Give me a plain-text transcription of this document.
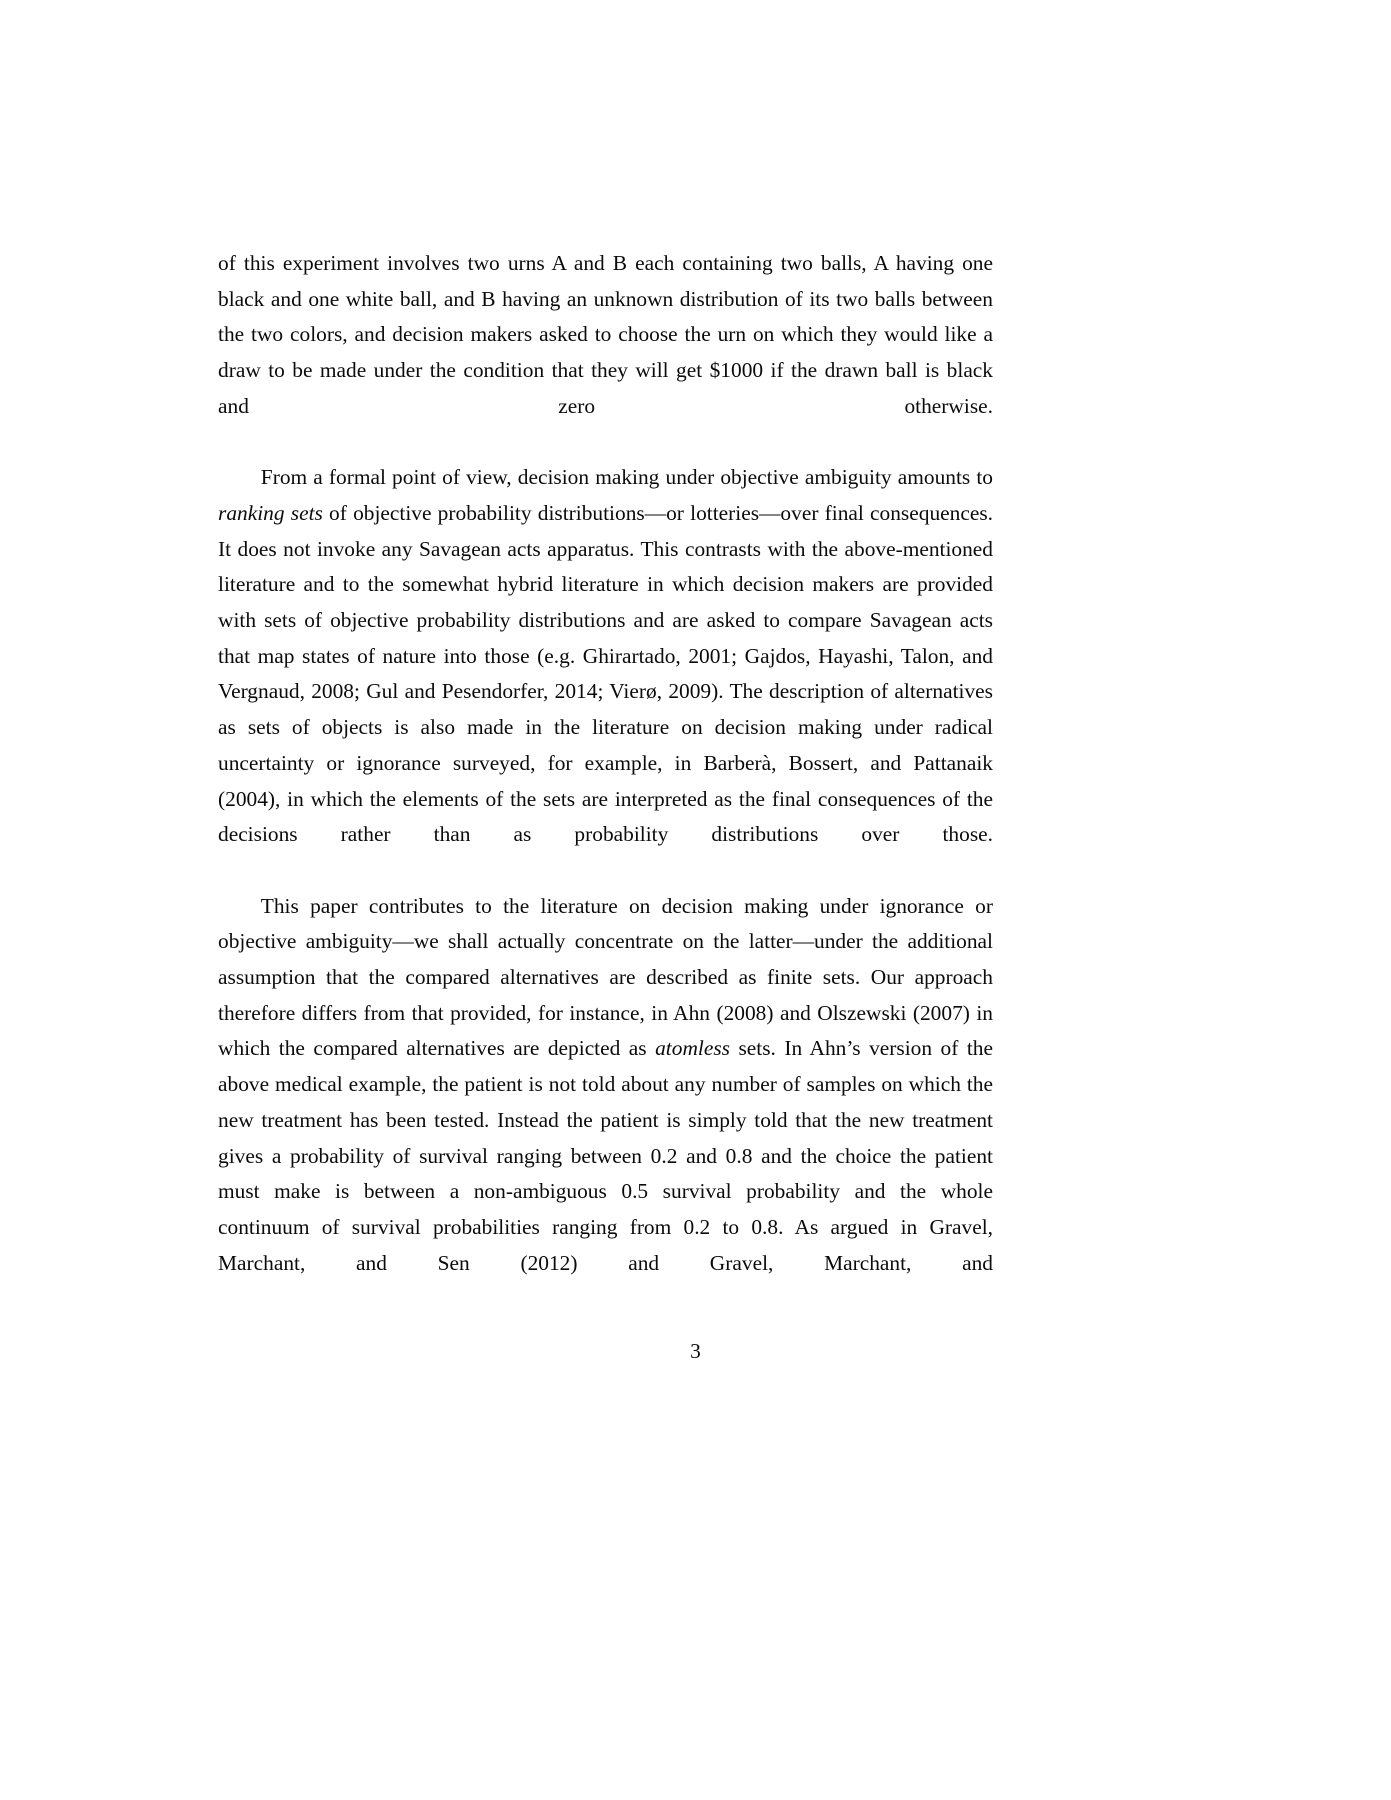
of this experiment involves two urns A and B each containing two balls, A having one black and one white ball, and B having an unknown distribution of its two balls between the two colors, and decision makers asked to choose the urn on which they would like a draw to be made under the condition that they will get $1000 if the drawn ball is black and zero otherwise.

From a formal point of view, decision making under objective ambiguity amounts to ranking sets of objective probability distributions—or lotteries—over final consequences. It does not invoke any Savagean acts apparatus. This contrasts with the above-mentioned literature and to the somewhat hybrid literature in which decision makers are provided with sets of objective probability distributions and are asked to compare Savagean acts that map states of nature into those (e.g. Ghirartado, 2001; Gajdos, Hayashi, Talon, and Vergnaud, 2008; Gul and Pesendorfer, 2014; Vierø, 2009). The description of alternatives as sets of objects is also made in the literature on decision making under radical uncertainty or ignorance surveyed, for example, in Barberà, Bossert, and Pattanaik (2004), in which the elements of the sets are interpreted as the final consequences of the decisions rather than as probability distributions over those.

This paper contributes to the literature on decision making under ignorance or objective ambiguity—we shall actually concentrate on the latter—under the additional assumption that the compared alternatives are described as finite sets. Our approach therefore differs from that provided, for instance, in Ahn (2008) and Olszewski (2007) in which the compared alternatives are depicted as atomless sets. In Ahn’s version of the above medical example, the patient is not told about any number of samples on which the new treatment has been tested. Instead the patient is simply told that the new treatment gives a probability of survival ranging between 0.2 and 0.8 and the choice the patient must make is between a non-ambiguous 0.5 survival probability and the whole continuum of survival probabilities ranging from 0.2 to 0.8. As argued in Gravel, Marchant, and Sen (2012) and Gravel, Marchant, and

3
